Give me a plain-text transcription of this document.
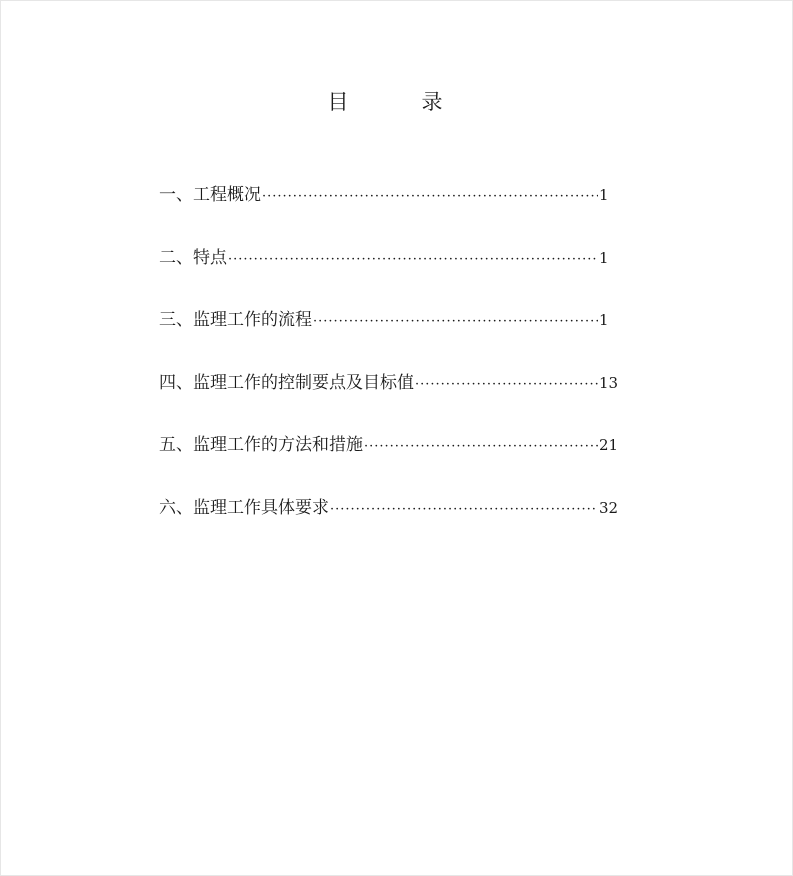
目　录
一、工程概况 ·····	1
二、特点 ·····	1
三、监理工作的流程 ·····	1
四、监理工作的控制要点及目标值 ·····	13
五、监理工作的方法和措施 ·····	21
六、监理工作具体要求 ·····	32
